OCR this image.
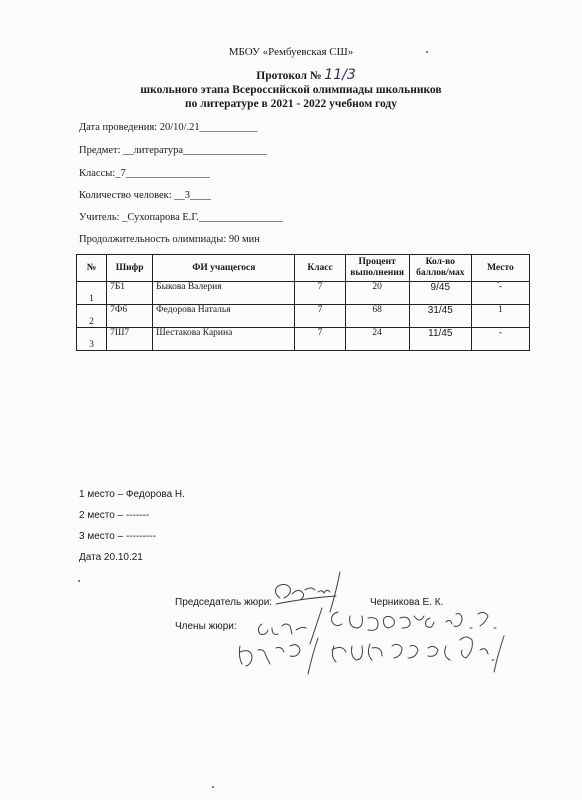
МБОУ «Рембуевская СШ»
Протокол № 11/3
школьного этапа Всероссийской олимпиады школьников
по литературе в 2021 - 2022 учебном году
Дата проведения: 20/10/.21___________
Предмет: __литература________________
Классы:_7________________
Количество человек: __3____
Учитель: _Сухопарова Е.Г.________________
Продолжительность олимпиады: 90 мин
№	Шифр	ФИ учащегося	Класс	Процент выполнения	Кол-во баллов/мах	Место
1	7Б1	Быкова Валерия	7	20	9/45	-
2	7Ф6	Федорова Наталья	7	68	31/45	1
3	7Ш7	Шестакова Карина	7	24	11/45	-
1 место – Федорова Н.
2 место – -------
3 место – ---------
Дата 20.10.21
Председатель жюри:	Черникова Е. К.
Члены жюри:
